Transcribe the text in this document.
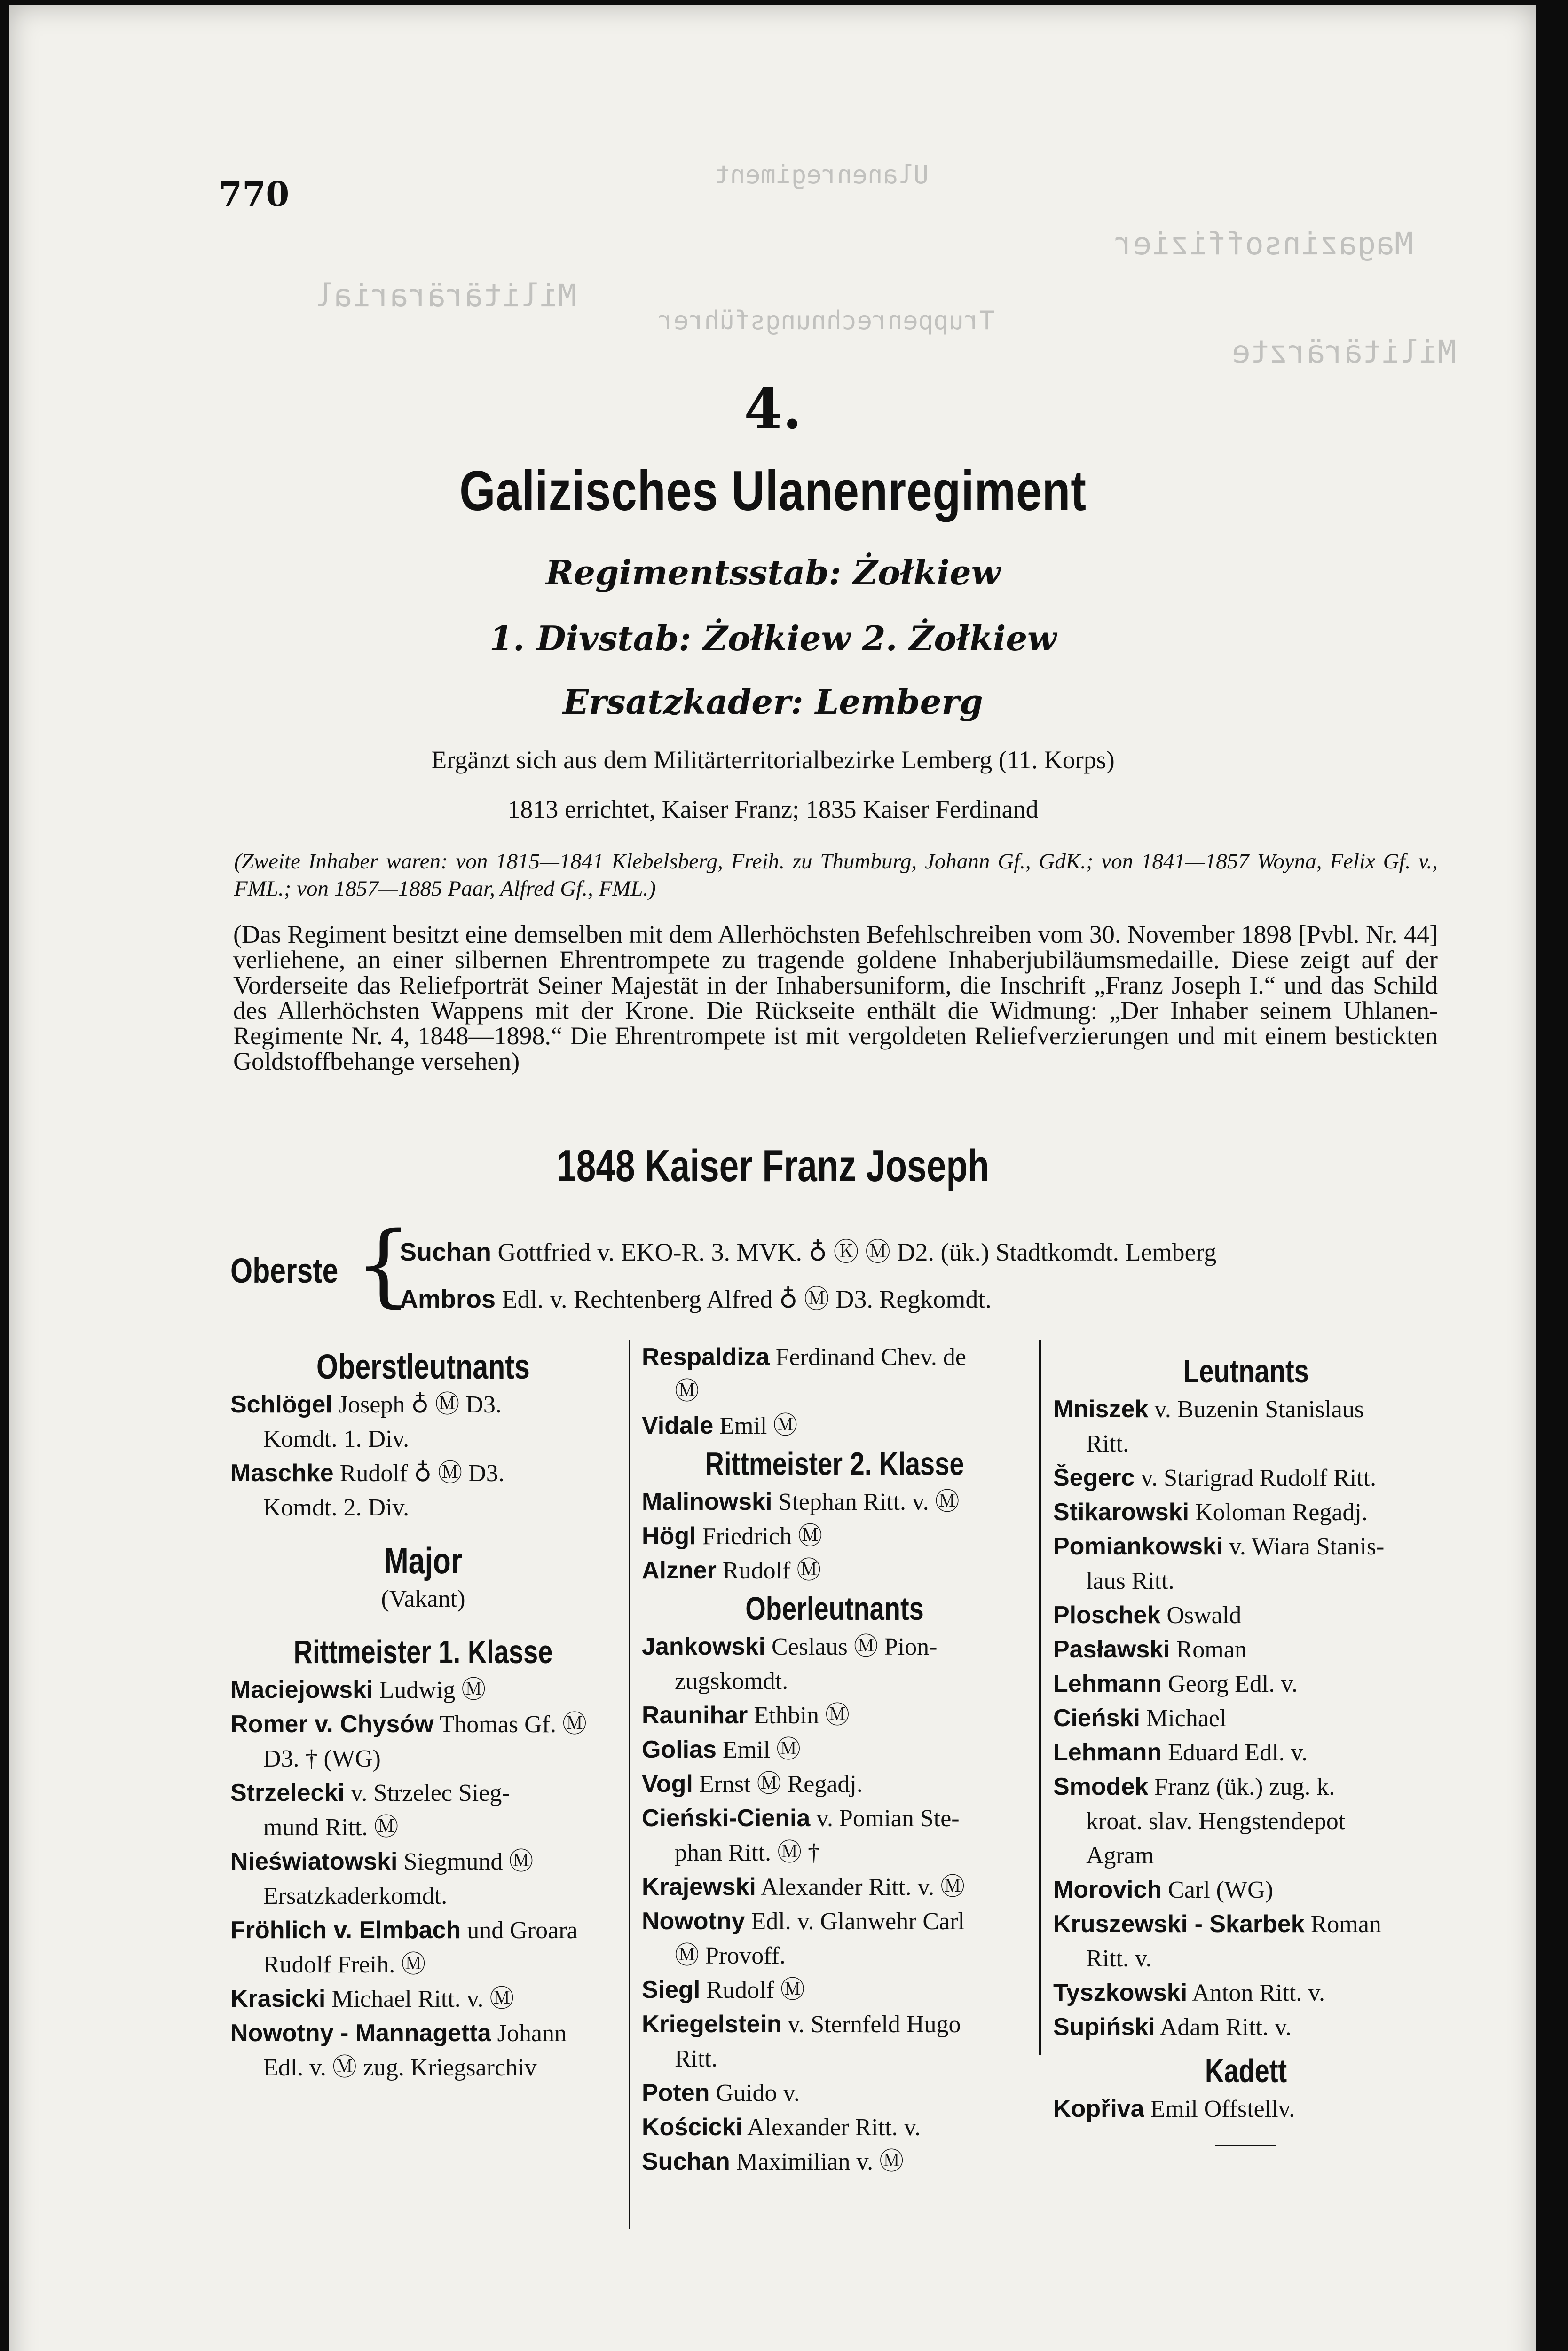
Ulanenregiment
Magazinsoffizier
Militärärzte
Truppenrechnungsführer
Militärärarial
770
4.
Galizisches Ulanenregiment
Regimentsstab: Żołkiew
1. Divstab: Żołkiew 2. Żołkiew
Ersatzkader: Lemberg
Ergänzt sich aus dem Militärterritorialbezirke Lemberg (11. Korps)
1813 errichtet, Kaiser Franz; 1835 Kaiser Ferdinand
(Zweite Inhaber waren: von 1815—1841 Klebelsberg, Freih. zu Thumburg, Johann Gf., GdK.; von 1841—1857 Woyna, Felix Gf. v., FML.; von 1857—1885 Paar, Alfred Gf., FML.)
(Das Regiment besitzt eine demselben mit dem Allerhöchsten Befehlschreiben vom 30. November 1898 [Pvbl. Nr. 44] verliehene, an einer silbernen Ehrentrompete zu tragende goldene Inhaberjubiläumsmedaille. Diese zeigt auf der Vorderseite das Reliefporträt Seiner Majestät in der Inhabersuniform, die Inschrift „Franz Joseph I.“ und das Schild des Allerhöchsten Wappens mit der Krone. Die Rückseite enthält die Widmung: „Der Inhaber seinem Uhlanen-Regimente Nr. 4, 1848—1898.“ Die Ehrentrompete ist mit vergoldeten Reliefverzierungen und mit einem bestickten Goldstoffbehange versehen)
1848 Kaiser Franz Joseph
Oberste {
Suchan Gottfried v. EKO-R. 3. MVK. ♁ Ⓚ Ⓜ D2. (ük.) Stadtkomdt. Lemberg
Ambros Edl. v. Rechtenberg Alfred ♁ Ⓜ D3. Regkomdt.
Oberstleutnants
Schlögel Joseph ♁ Ⓜ D3.
Komdt. 1. Div.
Maschke Rudolf ♁ Ⓜ D3.
Komdt. 2. Div.
Major
(Vakant)
Rittmeister 1. Klasse
Maciejowski Ludwig Ⓜ
Romer v. Chysów Thomas Gf. Ⓜ
D3. † (WG)
Strzelecki v. Strzelec Sieg-
mund Ritt. Ⓜ
Nieświatowski Siegmund Ⓜ
Ersatzkaderkomdt.
Fröhlich v. Elmbach und Groara
Rudolf Freih. Ⓜ
Krasicki Michael Ritt. v. Ⓜ
Nowotny - Mannagetta Johann
Edl. v. Ⓜ zug. Kriegsarchiv
Respaldiza Ferdinand Chev. de
Ⓜ
Vidale Emil Ⓜ
Rittmeister 2. Klasse
Malinowski Stephan Ritt. v. Ⓜ
Högl Friedrich Ⓜ
Alzner Rudolf Ⓜ
Oberleutnants
Jankowski Ceslaus Ⓜ Pion-
zugskomdt.
Raunihar Ethbin Ⓜ
Golias Emil Ⓜ
Vogl Ernst Ⓜ Regadj.
Cieński-Cienia v. Pomian Ste-
phan Ritt. Ⓜ †
Krajewski Alexander Ritt. v. Ⓜ
Nowotny Edl. v. Glanwehr Carl
Ⓜ Provoff.
Siegl Rudolf Ⓜ
Kriegelstein v. Sternfeld Hugo
Ritt.
Poten Guido v.
Kościcki Alexander Ritt. v.
Suchan Maximilian v. Ⓜ
Leutnants
Mniszek v. Buzenin Stanislaus
Ritt.
Šegerc v. Starigrad Rudolf Ritt.
Stikarowski Koloman Regadj.
Pomiankowski v. Wiara Stanis-
laus Ritt.
Ploschek Oswald
Pasławski Roman
Lehmann Georg Edl. v.
Cieński Michael
Lehmann Eduard Edl. v.
Smodek Franz (ük.) zug. k.
kroat. slav. Hengstendepot
Agram
Morovich Carl (WG)
Kruszewski - Skarbek Roman
Ritt. v.
Tyszkowski Anton Ritt. v.
Supiński Adam Ritt. v.
Kadett
Kopřiva Emil Offstellv.
